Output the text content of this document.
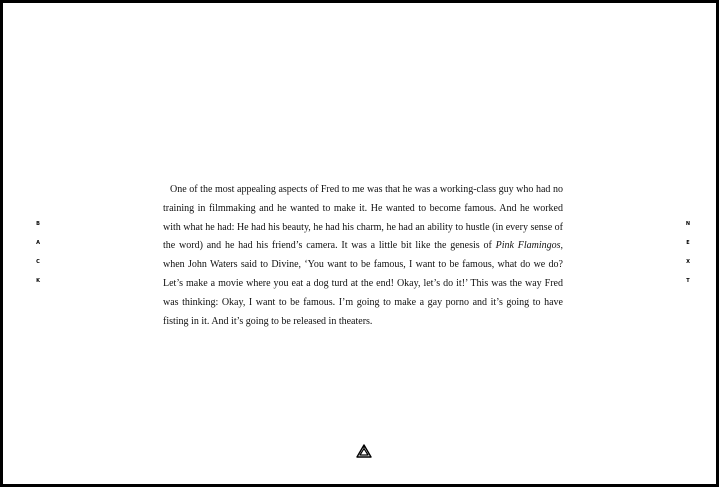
B
A
C
K

One of the most appealing aspects of Fred to me was that he was a working-class guy who had no training in filmmaking and he wanted to make it. He wanted to become famous. And he worked with what he had: He had his beauty, he had his charm, he had an ability to hustle (in every sense of the word) and he had his friend’s camera. It was a little bit like the genesis of Pink Flamingos, when John Waters said to Divine, ‘You want to be famous, I want to be famous, what do we do? Let’s make a movie where you eat a dog turd at the end! Okay, let’s do it!’ This was the way Fred was thinking: Okay, I want to be famous. I’m going to make a gay porno and it’s going to have fisting in it. And it’s going to be released in theaters.

N
E
X
T
